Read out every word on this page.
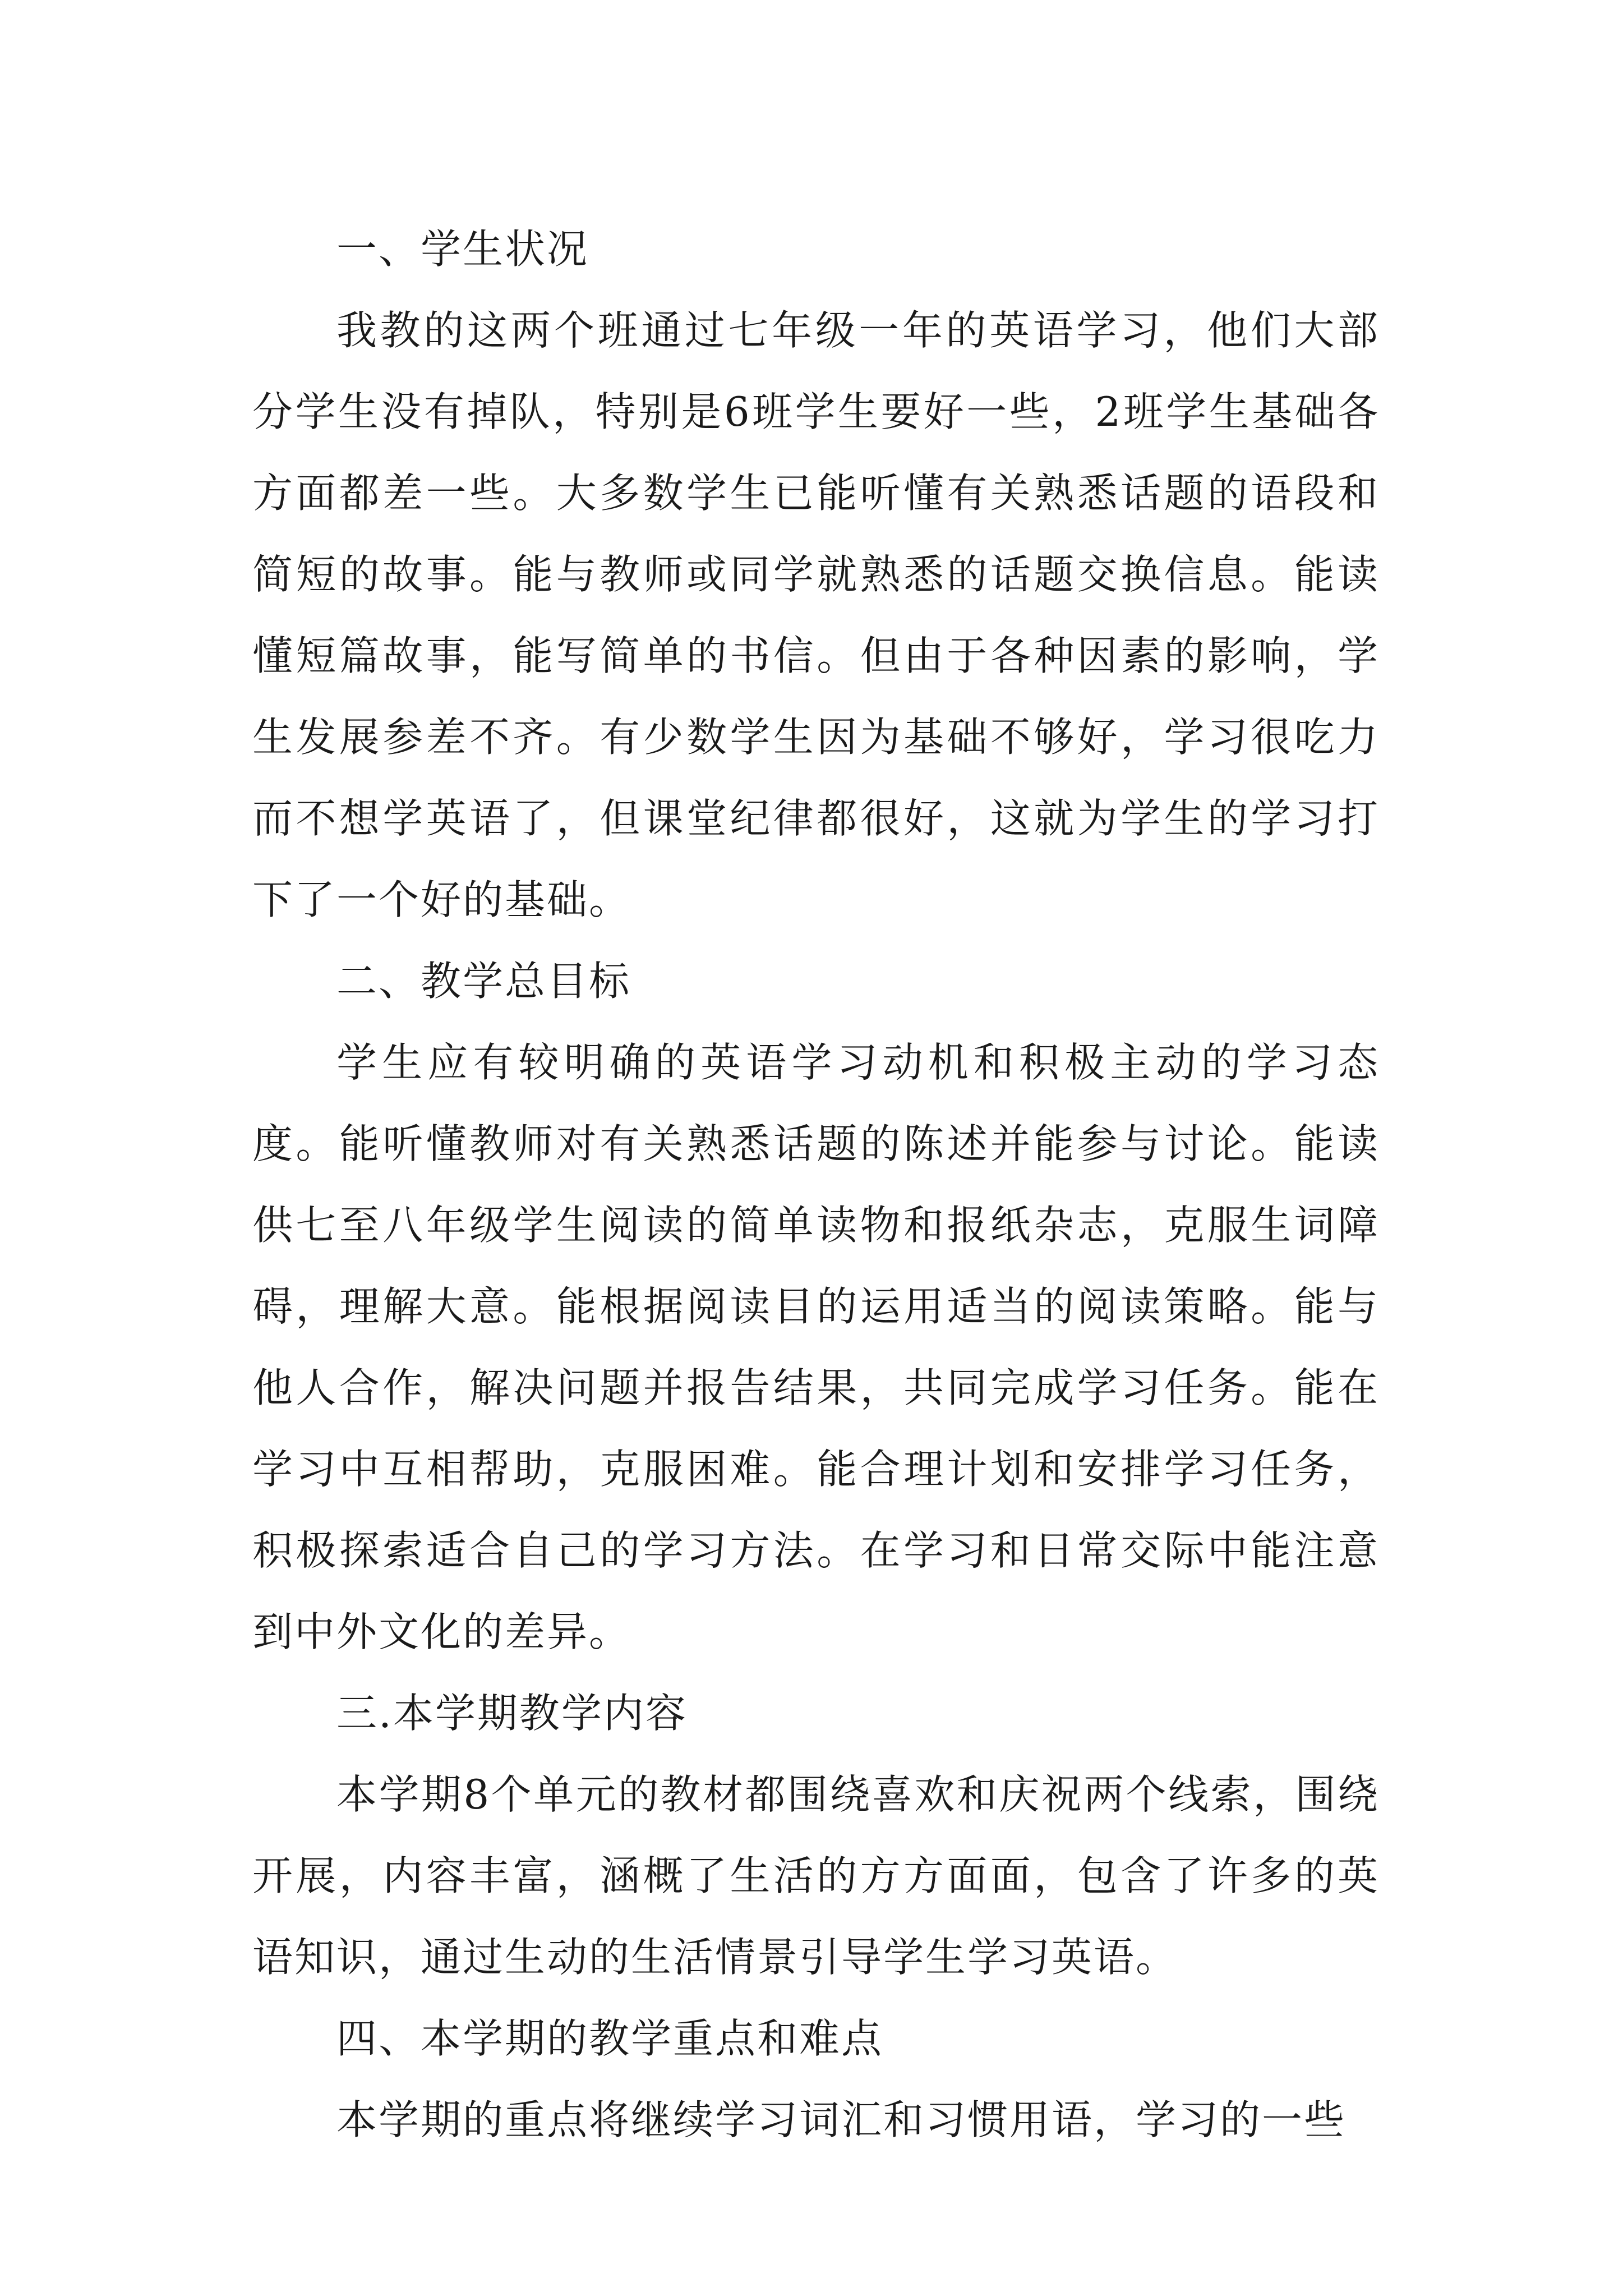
一、学生状况

我教的这两个班通过七年级一年的英语学习，他们大部分学生没有掉队，特别是6班学生要好一些，2班学生基础各方面都差一些。大多数学生已能听懂有关熟悉话题的语段和简短的故事。能与教师或同学就熟悉的话题交换信息。能读懂短篇故事，能写简单的书信。但由于各种因素的影响，学生发展参差不齐。有少数学生因为基础不够好，学习很吃力而不想学英语了，但课堂纪律都很好，这就为学生的学习打下了一个好的基础。

二、教学总目标

学生应有较明确的英语学习动机和积极主动的学习态度。能听懂教师对有关熟悉话题的陈述并能参与讨论。能读供七至八年级学生阅读的简单读物和报纸杂志，克服生词障碍，理解大意。能根据阅读目的运用适当的阅读策略。能与他人合作，解决问题并报告结果，共同完成学习任务。能在学习中互相帮助，克服困难。能合理计划和安排学习任务，积极探索适合自己的学习方法。在学习和日常交际中能注意到中外文化的差异。

三.本学期教学内容

本学期8个单元的教材都围绕喜欢和庆祝两个线索，围绕开展，内容丰富，涵概了生活的方方面面，包含了许多的英语知识，通过生动的生活情景引导学生学习英语。

四、本学期的教学重点和难点

本学期的重点将继续学习词汇和习惯用语，学习的一些
